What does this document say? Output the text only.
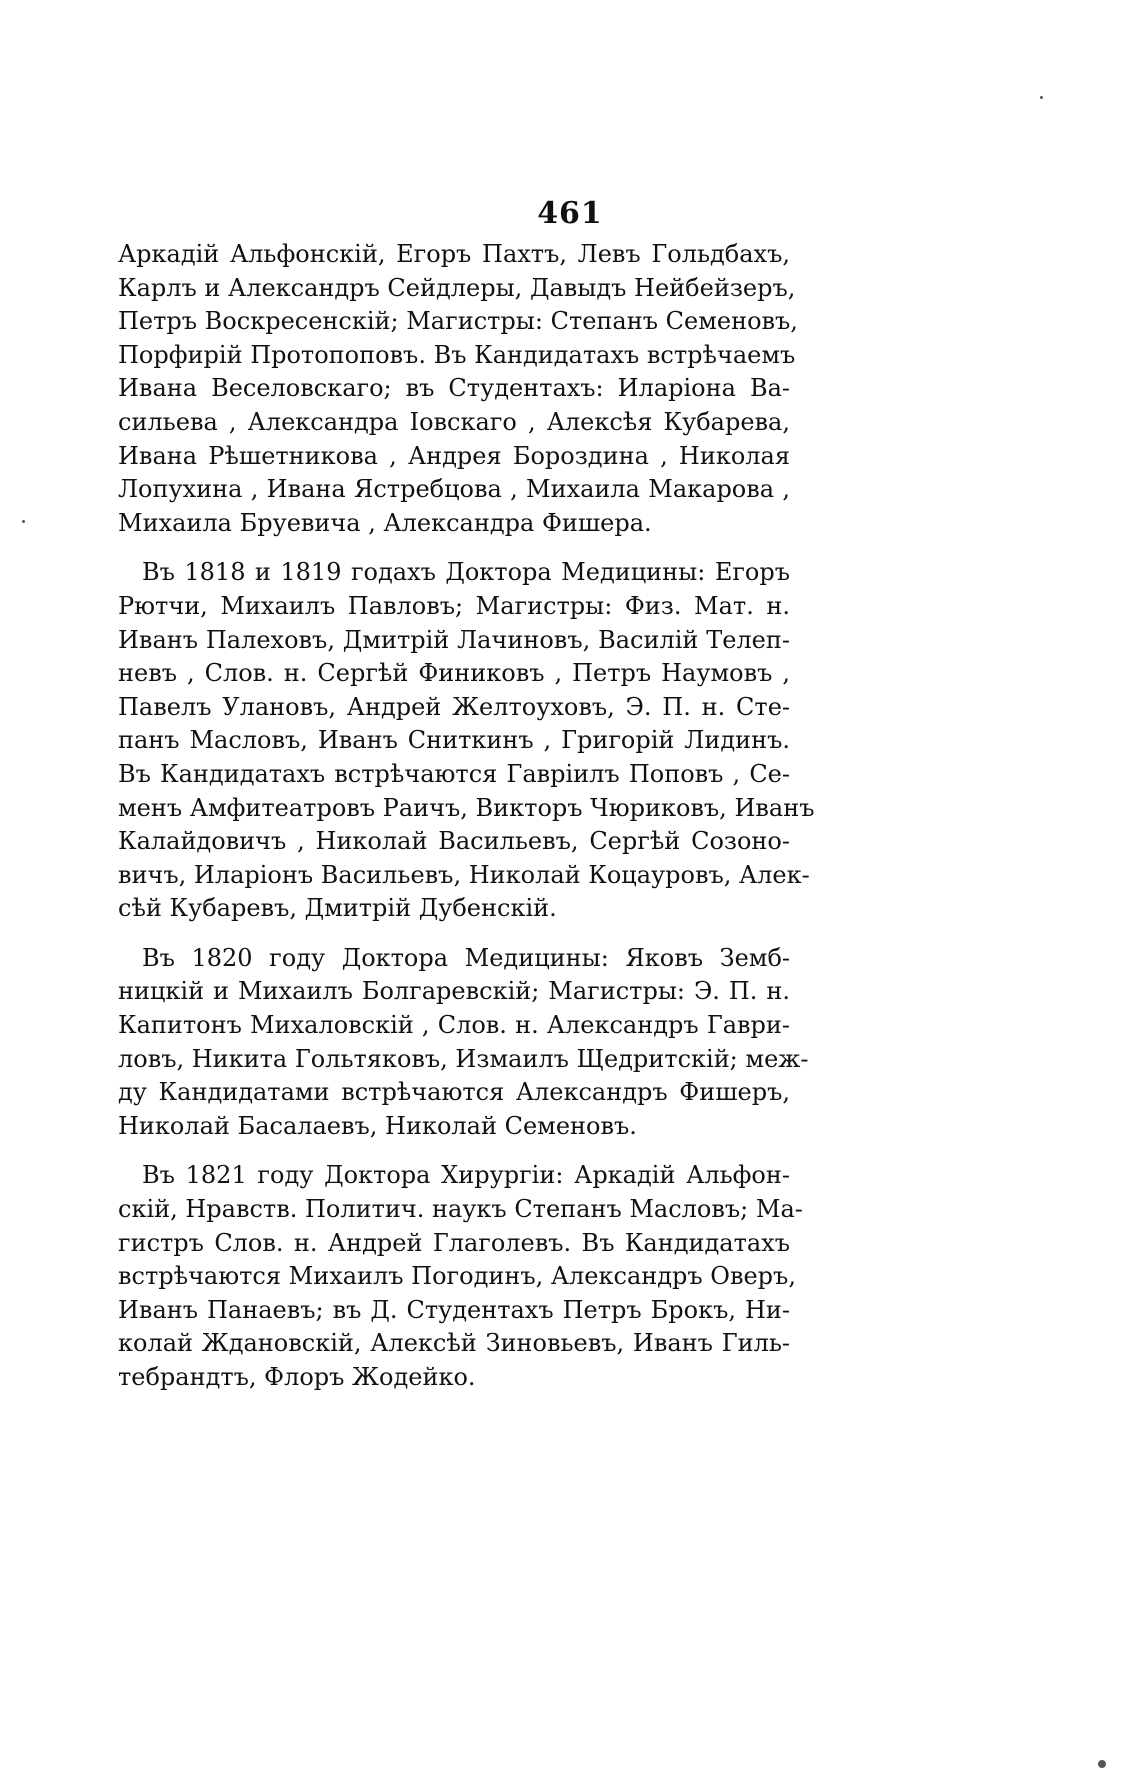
461
Аркадій Альфонскій, Егоръ Пахтъ, Левъ Гольдбахъ,
Карлъ и Александръ Сейдлеры, Давыдъ Нейбейзеръ,
Петръ Воскресенскій; Магистры: Степанъ Семеновъ,
Порфирій Протопоповъ. Въ Кандидатахъ встрѣчаемъ
Ивана Веселовскаго; въ Студентахъ: Иларіона Ва-
сильева , Александра Іовскаго , Алексѣя Кубарева,
Ивана Рѣшетникова , Андрея Бороздина , Николая
Лопухина , Ивана Ястребцова , Михаила Макарова ,
Михаила Бруевича , Александра Фишера.
Въ 1818 и 1819 годахъ Доктора Медицины: Егоръ
Рютчи, Михаилъ Павловъ; Магистры: Физ. Мат. н.
Иванъ Палеховъ, Дмитрій Лачиновъ, Василій Телеп-
невъ , Слов. н. Сергѣй Финиковъ , Петръ Наумовъ ,
Павелъ Улановъ, Андрей Желтоуховъ, Э. П. н. Сте-
панъ Масловъ, Иванъ Сниткинъ , Григорій Лидинъ.
Въ Кандидатахъ встрѣчаются Гавріилъ Поповъ , Се-
менъ Амфитеатровъ Раичъ, Викторъ Чюриковъ, Иванъ
Калайдовичъ , Николай Васильевъ, Сергѣй Созоно-
вичъ, Иларіонъ Васильевъ, Николай Коцауровъ, Алек-
сѣй Кубаревъ, Дмитрій Дубенскій.
Въ 1820 году Доктора Медицины: Яковъ Земб-
ницкій и Михаилъ Болгаревскій; Магистры: Э. П. н.
Капитонъ Михаловскій , Слов. н. Александръ Гаври-
ловъ, Никита Гольтяковъ, Измаилъ Щедритскій; меж-
ду Кандидатами встрѣчаются Александръ Фишеръ,
Николай Басалаевъ, Николай Семеновъ.
Въ 1821 году Доктора Хирургіи: Аркадій Альфон-
скій, Нравств. Политич. наукъ Степанъ Масловъ; Ма-
гистръ Слов. н. Андрей Глаголевъ. Въ Кандидатахъ
встрѣчаются Михаилъ Погодинъ, Александръ Оверъ,
Иванъ Панаевъ; въ Д. Студентахъ Петръ Брокъ, Ни-
колай Ждановскій, Алексѣй Зиновьевъ, Иванъ Гиль-
тебрандтъ, Флоръ Жодейко.
